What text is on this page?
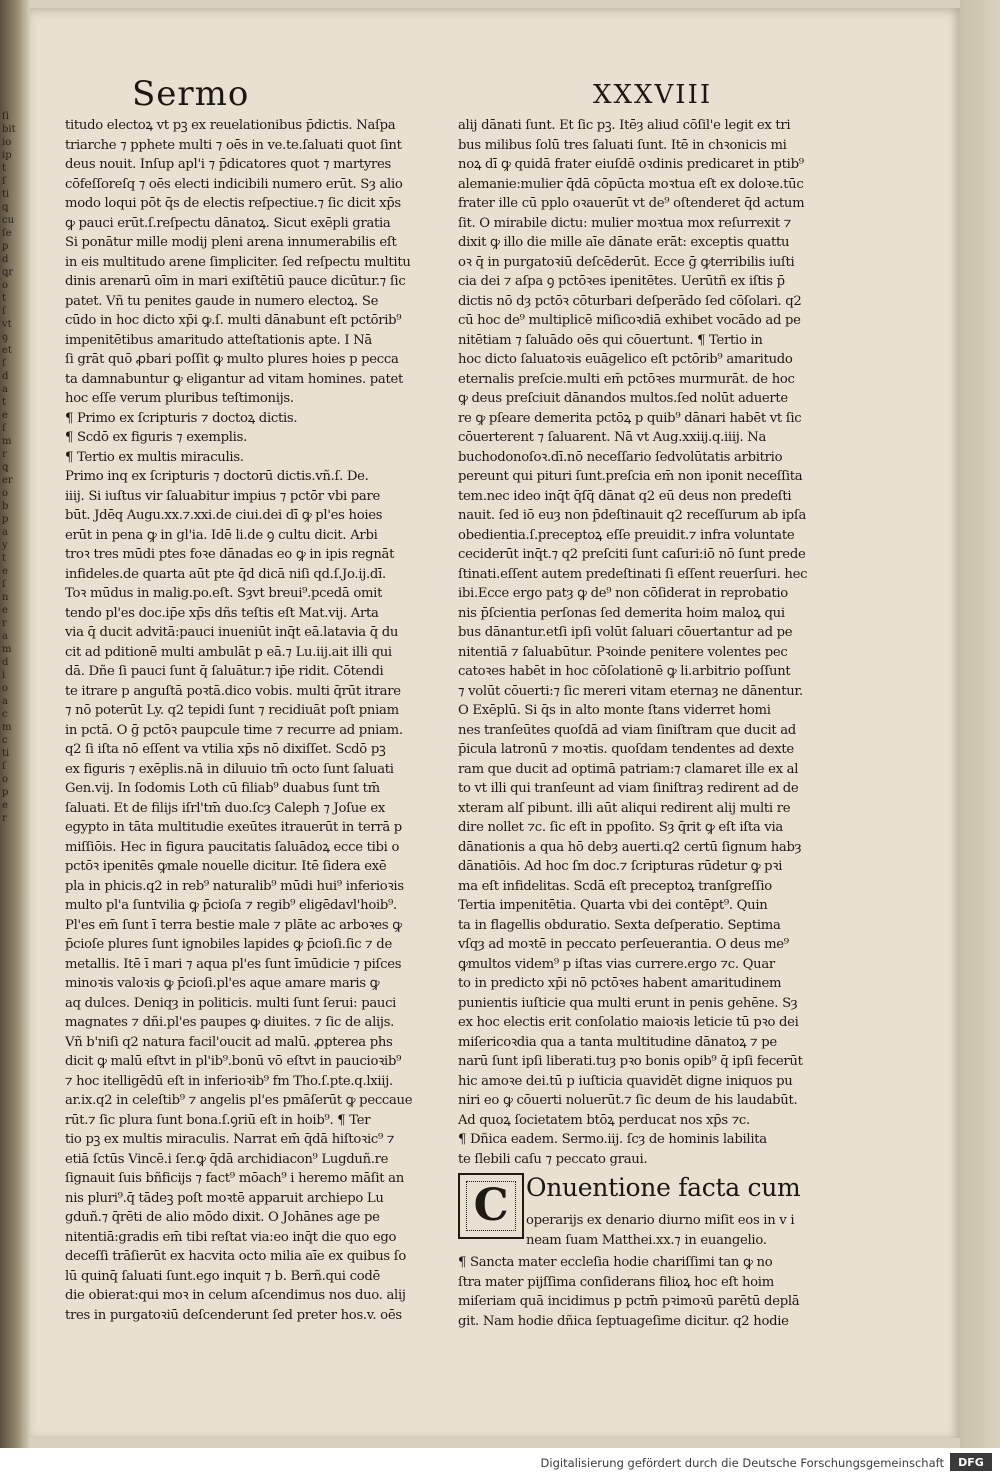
ſi
bit
io
ip
t
ſ
ti
ꝗ
cu
ſe
p
d
ꝗr
o
t
ſ
vt
ꝯ
et
ſ
d
a
t
e
ſ
m
r
ꝗ
er
o
b
p
a
y
t
e
ſ
n
e
r
a
m
d
i
o
a
c
m
c
ti
ſ
o
p
e
r
Sermo	XXXVIII
titudo electoꝝ vt pꝫ ex reuelationibus p̄dictis. Naſpa
triarche ⁊ pphete multi ⁊ oēs in ve.te.ſaluati quot ſint
deus nouit. Inſup apl'i ⁊ p̄dicatores quot ⁊ martyres
cōfeſſoreſq ⁊ oēs electi indicibili numero erūt. Sȝ alio
modo loqui pōt q̄s de electis reſpectiue.⁊ ſic dicit xp̄s
ꝙ pauci erūt.ſ.reſpectu dānatoꝝ. Sicut exēpli gratia
Si ponātur mille modij pleni arena innumerabilis eſt
in eis multitudo arene ſimpliciter. ſed reſpectu multitu
dinis arenarū oīm in mari exiſtētiū pauce dicūtur.⁊ ſic
patet. Vñ tu penites gaude in numero electoꝝ. Se
cūdo in hoc dicto xp̄i ꝙ.ſ. multi dānabunt eſt pctōrib⁹
impenitētibus amaritudo atteſtationis apte. I Nā
ſi grāt quō ꝓbari poſſit ꝙ multo plures hoies p pecca
ta damnabuntur ꝙ eligantur ad vitam homines. patet
hoc eſſe verum pluribus teſtimonijs.
¶ Primo ex ſcripturis ⁊ doctoꝝ dictis.
¶ Scdō ex figuris ⁊ exemplis.
¶ Tertio ex multis miraculis.
Primo inq ex ſcripturis ⁊ doctorū dictis.vñ.ſ. De.
iiij. Si iuſtus vir ſaluabitur impius ⁊ pctōr vbi pare
būt. Jdēq Augu.xx.⁊.xxi.de ciui.dei dī ꝙ pl'es hoies
erūt in pena ꝙ in gl'ia. Idē li.de ꝯ cultu dicit. Arbi
troꝛ tres mūdi ptes foꝛe dānadas eo ꝙ in ipis regnāt
infideles.de quarta aūt pte q̄d dicā niſi qd.ſ.Jo.ij.dī.
Toꝛ mūdus in malig.po.eſt. Sȝvt breui⁹.pcedā omit
tendo pl'es doc.ip̄e xp̄s dñs teſtis eſt Mat.vij. Arta
via q̄ ducit advitā:pauci inueniūt inq̄t eā.latavia q̄ du
cit ad pditionē multi ambulāt p eā.⁊ Lu.iij.ait illi qui
dā. Dñe ſi pauci ſunt q̄ ſaluātur.⁊ ip̄e ridit. Cōtendi
te itrare p anguſtā poꝛtā.dico vobis. multi q̄rūt itrare
⁊ nō poterūt Ly. q2 tepidi ſunt ⁊ recidiuāt poſt pniam
in pctā. O ḡ pctōꝛ paupcule time ⁊ recurre ad pniam.
q2 ſi iſta nō eſſent va vtilia xp̄s nō dixiſſet. Scdō pꝫ
ex figuris ⁊ exēplis.nā in diluuio tm̄ octo ſunt ſaluati
Gen.vij. In ſodomis Loth cū filiab⁹ duabus ſunt tm̄
ſaluati. Et de filijs iſrl'tm̄ duo.ſcȝ Caleph ⁊ Joſue ex
egypto in tāta multitudie exeūtes itrauerūt in terrā p
miſſiōis. Hec in figura paucitatis ſaluādoꝝ ecce tibi o
pctōꝛ ipenitēs ꝙmale nouelle dicitur. Itē ſidera exē
pla in phicis.q2 in reb⁹ naturalib⁹ mūdi hui⁹ inferioꝛis
multo pl'a ſuntvilia ꝙ p̄cioſa ⁊ regib⁹ eligēdavl'hoib⁹.
Pl'es em̄ ſunt ī terra bestie male ⁊ plāte ac arboꝛes ꝙ
p̄cioſe plures ſunt ignobiles lapides ꝙ p̄cioſi.ſic ⁊ de
metallis. Itē ī mari ⁊ aqua pl'es ſunt īmūdicie ⁊ piſces
minoꝛis valoꝛis ꝙ p̄cioſi.pl'es aque amare maris ꝙ
aq dulces. Deniqȝ in politicis. multi ſunt ſerui: pauci
magnates ⁊ dñi.pl'es paupes ꝙ diuites. ⁊ ſic de alijs.
Vñ b'niſi q2 natura facil'oucit ad malū. ꝓpterea phs
dicit ꝙ malū eſtvt in pl'ib⁹.bonū vō eſtvt in paucioꝛib⁹
⁊ hoc itelligēdū eſt in inferioꝛib⁹ fm Tho.ſ.pte.q.lxiij.
ar.ix.q2 in celeſtib⁹ ⁊ angelis pl'es pmāſerūt ꝙ peccaue
rūt.⁊ ſic plura ſunt bona.ſ.ꝯriū eſt in hoib⁹. ¶ Ter
tio pꝫ ex multis miraculis. Narrat em̄ q̄dā hiſtoꝛic⁹ ⁊
etiā ſctūs Vincē.i ſer.ꝙ q̄dā archidiacon⁹ Lugduñ.re
ſignauit ſuis bñficijs ⁊ fact⁹ mōach⁹ i heremo māſit an
nis pluri⁹.q̄ tādeꝫ poſt moꝛtē apparuit archiepo Lu
gduñ.⁊ q̄rēti de alio mōdo dixit. O Johānes age pe
nitentiā:gradis em̄ tibi reſtat via:eo inq̄t die quo ego
deceſſi trāſierūt ex hacvita octo milia aīe ex quibus ſo
lū quinq̄ ſaluati ſunt.ego inquit ⁊ b. Berñ.qui codē
die obierat:qui moꝛ in celum aſcendimus nos duo. alij
tres in purgatoꝛiū deſcenderunt ſed preter hos.v. oēs
alij dānati ſunt. Et ſic pꝫ. Itēȝ aliud cōſil'e legit ex tri
bus milibus ſolū tres ſaluati ſunt. Itē in chꝛonicis mi
noꝝ dī ꝙ quidā frater eiuſdē oꝛdinis predicaret in ptib⁹
alemanie:mulier q̄dā cōpūcta moꝛtua eſt ex doloꝛe.tūc
frater ille cū pplo oꝛauerūt vt de⁹ oſtenderet q̄d actum
ſit. O mirabile dictu: mulier moꝛtua mox reſurrexit ⁊
dixit ꝙ illo die mille aīe dānate erāt: exceptis quattu
oꝛ q̄ in purgatoꝛiū deſcēderūt. Ecce ḡ ꝙterribilis iuſti
cia dei ⁊ aſpa ꝯ pctōꝛes ipenitētes. Uerūtñ ex iſtis p̄
dictis nō dȝ pctōꝛ cōturbari deſperādo ſed cōſolari. q2
cū hoc de⁹ multiplicē miſicoꝛdiā exhibet vocādo ad pe
nitētiam ⁊ ſaluādo oēs qui cōuertunt. ¶ Tertio in
hoc dicto ſaluatoꝛis euāgelico eſt pctōrib⁹ amaritudo
eternalis preſcie.multi em̄ pctōꝛes murmurāt. de hoc
ꝙ deus preſciuit dānandos multos.ſed nolūt aduerte
re ꝙ pſeare demerita pctōꝝ p quib⁹ dānari habēt vt ſic
cōuerterent ⁊ ſaluarent. Nā vt Aug.xxiij.q.iiij. Na
buchodonoſoꝛ.dī.nō neceſſario ſedvolūtatis arbitrio
pereunt qui pituri ſunt.preſcia em̄ non iponit neceſſita
tem.nec ideo inq̄t q̄ſq̄ dānat q2 eū deus non predeſti
nauit. ſed iō euȝ non p̄deſtinauit q2 receſſurum ab ipſa
obedientia.ſ.preceptoꝝ eſſe preuidit.⁊ infra voluntate
ceciderūt inq̄t.⁊ q2 preſciti ſunt caſuri:iō nō ſunt prede
ſtinati.eſſent autem predeſtinati ſi eſſent reuerſuri. hec
ibi.Ecce ergo patȝ ꝙ de⁹ non cōſiderat in reprobatio
nis p̄ſcientia perſonas ſed demerita hoim maloꝝ qui
bus dānantur.etſi ipſi volūt ſaluari cōuertantur ad pe
nitentiā ⁊ ſaluabūtur. Pꝛoinde penitere volentes pec
catoꝛes habēt in hoc cōſolationē ꝙ li.arbitrio poſſunt
⁊ volūt cōuerti:⁊ ſic mereri vitam eternaȝ ne dānentur.
O Exēplū. Si q̄s in alto monte ſtans viderret homi
nes tranſeūtes quoſdā ad viam ſiniſtram que ducit ad
p̄icula latronū ⁊ moꝛtis. quoſdam tendentes ad dexte
ram que ducit ad optimā patriam:⁊ clamaret ille ex al
to vt illi qui tranſeunt ad viam ſiniſtraȝ redirent ad de
xteram alſ pibunt. illi aūt aliqui redirent alij multi re
dire nollet ⁊c. ſic eſt in ppoſito. Sȝ q̄rit ꝙ eſt iſta via
dānationis a qua hō debȝ auerti.q2 certū ſignum habȝ
dānatiōis. Ad hoc ſm doc.⁊ ſcripturas rūdetur ꝙ pꝛi
ma eſt infidelitas. Scdā eſt preceptoꝝ tranſgreſſio
Tertia impenitētia. Quarta vbi dei contēpt⁹. Quin
ta in flagellis obduratio. Sexta deſperatio. Septima
vſqȝ ad moꝛtē in peccato perſeuerantia. O deus me⁹
ꝙmultos videm⁹ p iſtas vias currere.ergo ⁊c. Quar
to in predicto xp̄i nō pctōꝛes habent amaritudinem
punientis iuſticie qua multi erunt in penis gehēne. Sȝ
ex hoc electis erit conſolatio maioꝛis leticie tū pꝛo dei
miſericoꝛdia qua a tanta multitudine dānatoꝝ ⁊ pe
narū ſunt ipſi liberati.tuȝ pꝛo bonis opib⁹ q̄ ipſi fecerūt
hic amoꝛe dei.tū p iuſticia quavidēt digne iniquos pu
niri eo ꝙ cōuerti noluerūt.⁊ ſic deum de his laudabūt.
Ad quoꝝ ſocietatem btōꝝ perducat nos xp̄s ⁊c.
¶ Dñica eadem. Sermo.iij. ſcȝ de hominis labilita
te ſlebili caſu ⁊ peccato graui.
C Onuentione facta cum
operarijs ex denario diurno miſit eos in v i
neam ſuam Matthei.xx.⁊ in euangelio.
¶ Sancta mater eccleſia hodie chariſſimi tan ꝙ no
ſtra mater pijſſima conſiderans filioꝝ hoc eſt hoim
miſeriam quā incidimus p pctm̄ pꝛimoꝛū parētū deplā
git. Nam hodie dñica ſeptuageſime dicitur. q2 hodie
Digitalisierung gefördert durch die Deutsche Forschungsgemeinschaft	DFG
